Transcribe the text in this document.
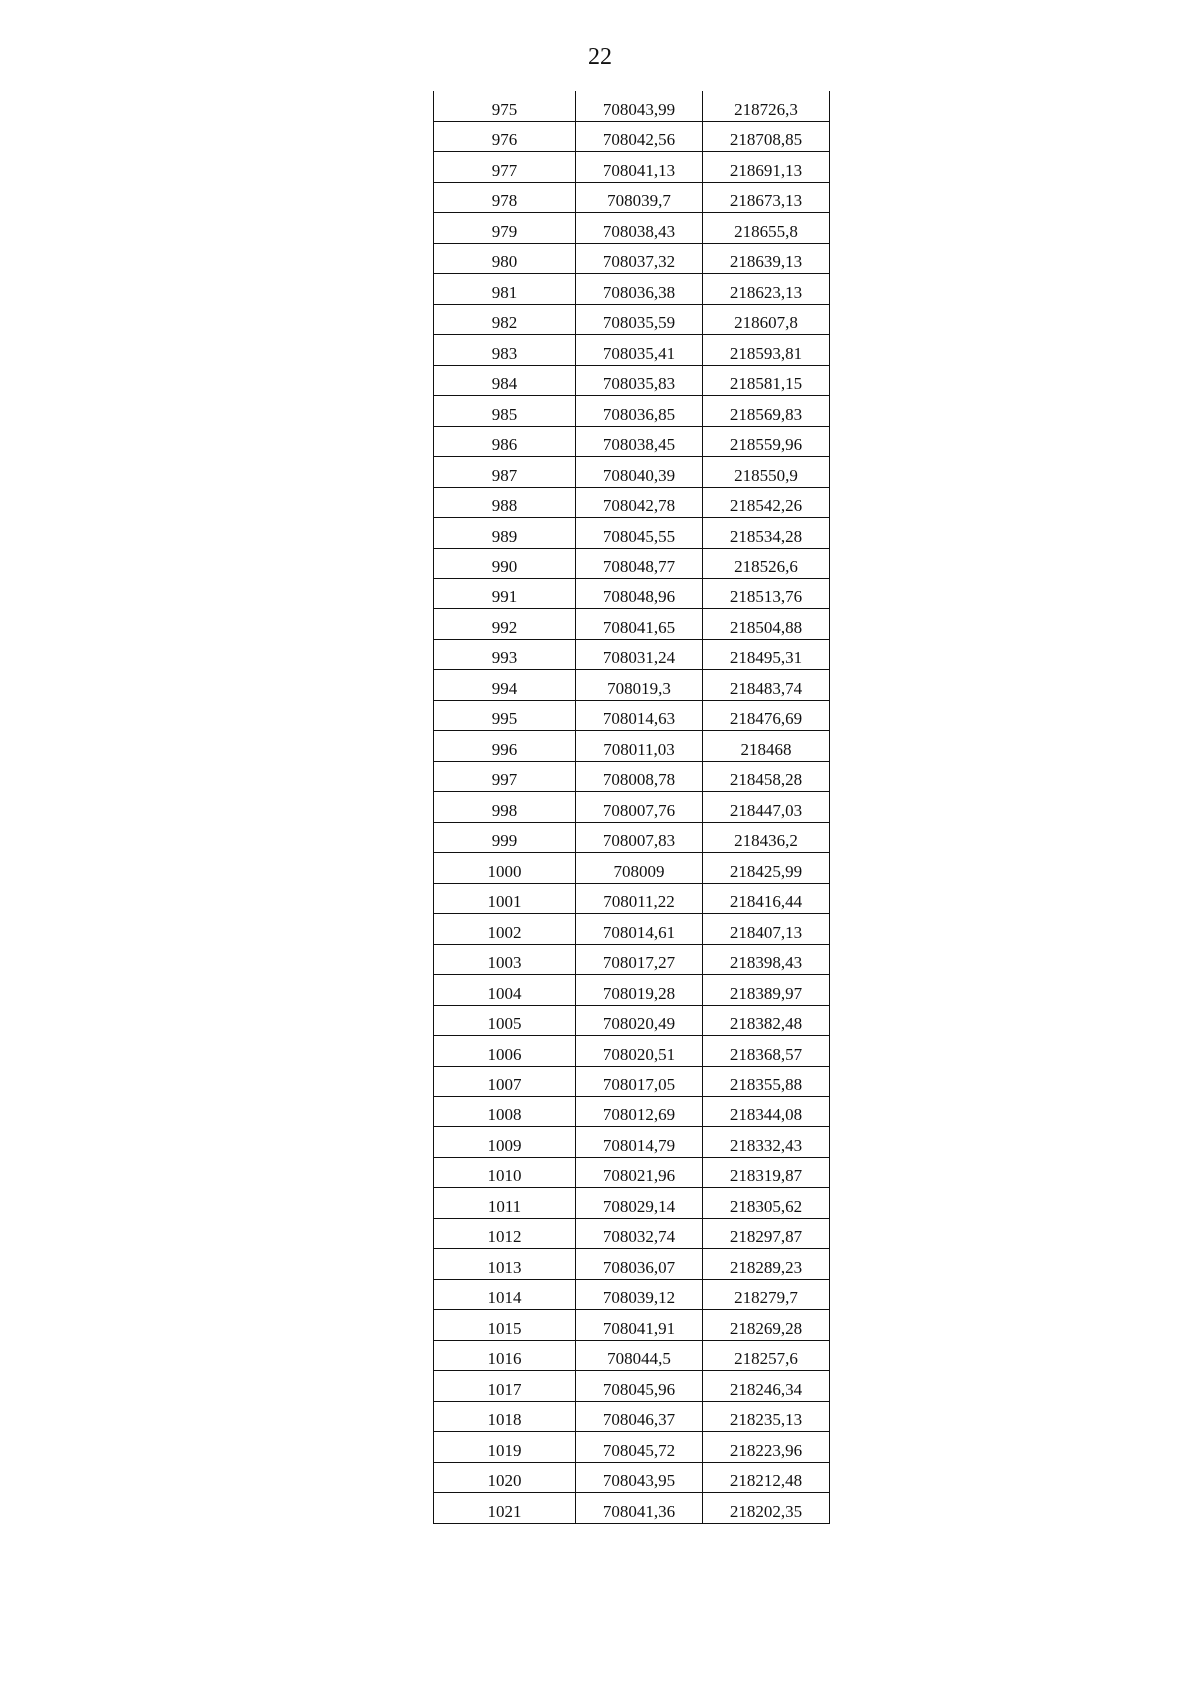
22
975	708043,99	218726,3
976	708042,56	218708,85
977	708041,13	218691,13
978	708039,7	218673,13
979	708038,43	218655,8
980	708037,32	218639,13
981	708036,38	218623,13
982	708035,59	218607,8
983	708035,41	218593,81
984	708035,83	218581,15
985	708036,85	218569,83
986	708038,45	218559,96
987	708040,39	218550,9
988	708042,78	218542,26
989	708045,55	218534,28
990	708048,77	218526,6
991	708048,96	218513,76
992	708041,65	218504,88
993	708031,24	218495,31
994	708019,3	218483,74
995	708014,63	218476,69
996	708011,03	218468
997	708008,78	218458,28
998	708007,76	218447,03
999	708007,83	218436,2
1000	708009	218425,99
1001	708011,22	218416,44
1002	708014,61	218407,13
1003	708017,27	218398,43
1004	708019,28	218389,97
1005	708020,49	218382,48
1006	708020,51	218368,57
1007	708017,05	218355,88
1008	708012,69	218344,08
1009	708014,79	218332,43
1010	708021,96	218319,87
1011	708029,14	218305,62
1012	708032,74	218297,87
1013	708036,07	218289,23
1014	708039,12	218279,7
1015	708041,91	218269,28
1016	708044,5	218257,6
1017	708045,96	218246,34
1018	708046,37	218235,13
1019	708045,72	218223,96
1020	708043,95	218212,48
1021	708041,36	218202,35
